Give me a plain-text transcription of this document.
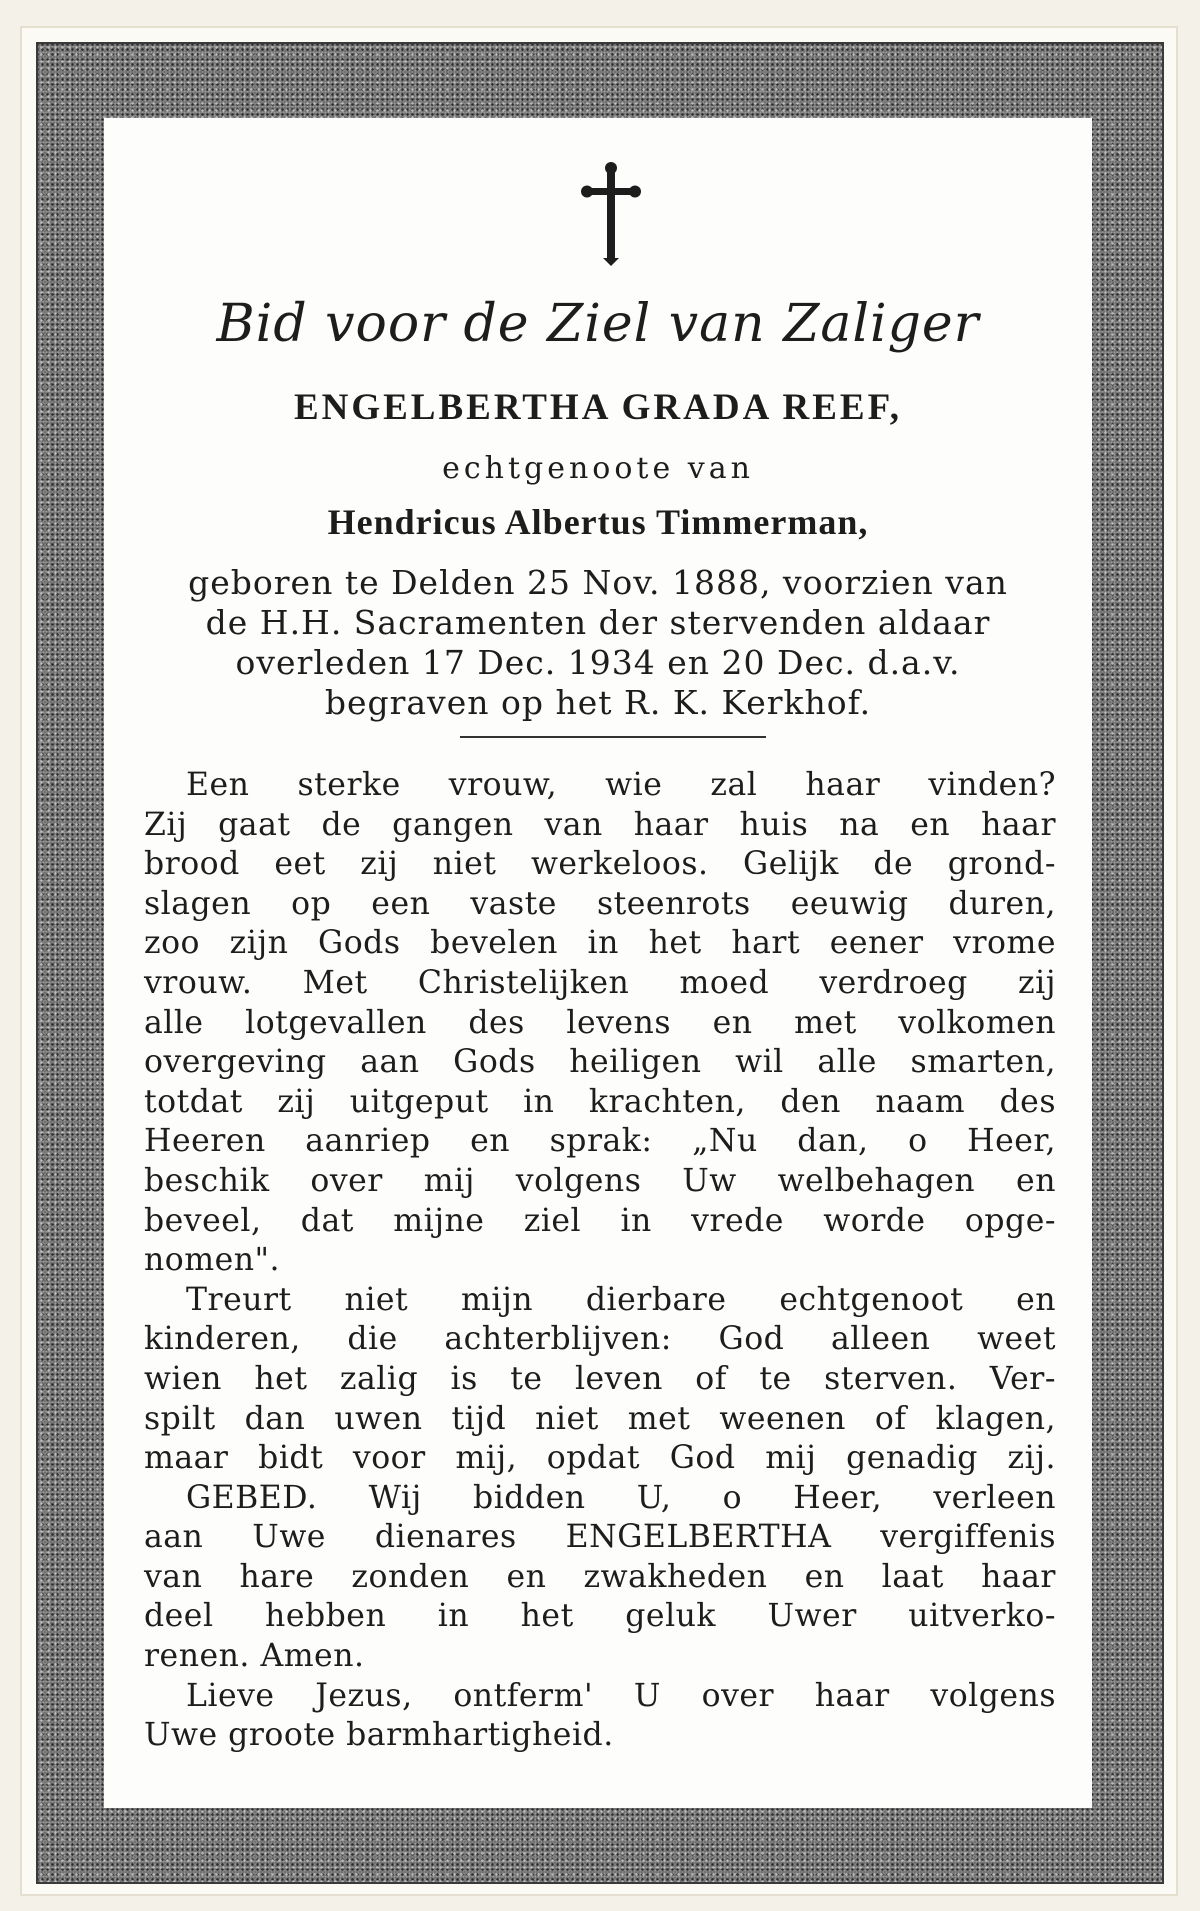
Bid voor de Ziel van Zaliger
ENGELBERTHA GRADA REEF,
echtgenoote van
Hendricus Albertus Timmerman,
geboren te Delden 25 Nov. 1888, voorzien van
de H.H. Sacramenten der stervenden aldaar
overleden 17 Dec. 1934 en 20 Dec. d.a.v.
begraven op het R. K. Kerkhof.
Een sterke vrouw, wie zal haar vinden?
Zij gaat de gangen van haar huis na en haar
brood eet zij niet werkeloos. Gelijk de grond-
slagen op een vaste steenrots eeuwig duren,
zoo zijn Gods bevelen in het hart eener vrome
vrouw. Met Christelijken moed verdroeg zij
alle lotgevallen des levens en met volkomen
overgeving aan Gods heiligen wil alle smarten,
totdat zij uitgeput in krachten, den naam des
Heeren aanriep en sprak: „Nu dan, o Heer,
beschik over mij volgens Uw welbehagen en
beveel, dat mijne ziel in vrede worde opge-
nomen".
Treurt niet mijn dierbare echtgenoot en
kinderen, die achterblijven: God alleen weet
wien het zalig is te leven of te sterven. Ver-
spilt dan uwen tijd niet met weenen of klagen,
maar bidt voor mij, opdat God mij genadig zij.
GEBED. Wij bidden U, o Heer, verleen
aan Uwe dienares ENGELBERTHA vergiffenis
van hare zonden en zwakheden en laat haar
deel hebben in het geluk Uwer uitverko-
renen. Amen.
Lieve Jezus, ontferm' U over haar volgens
Uwe groote barmhartigheid.
